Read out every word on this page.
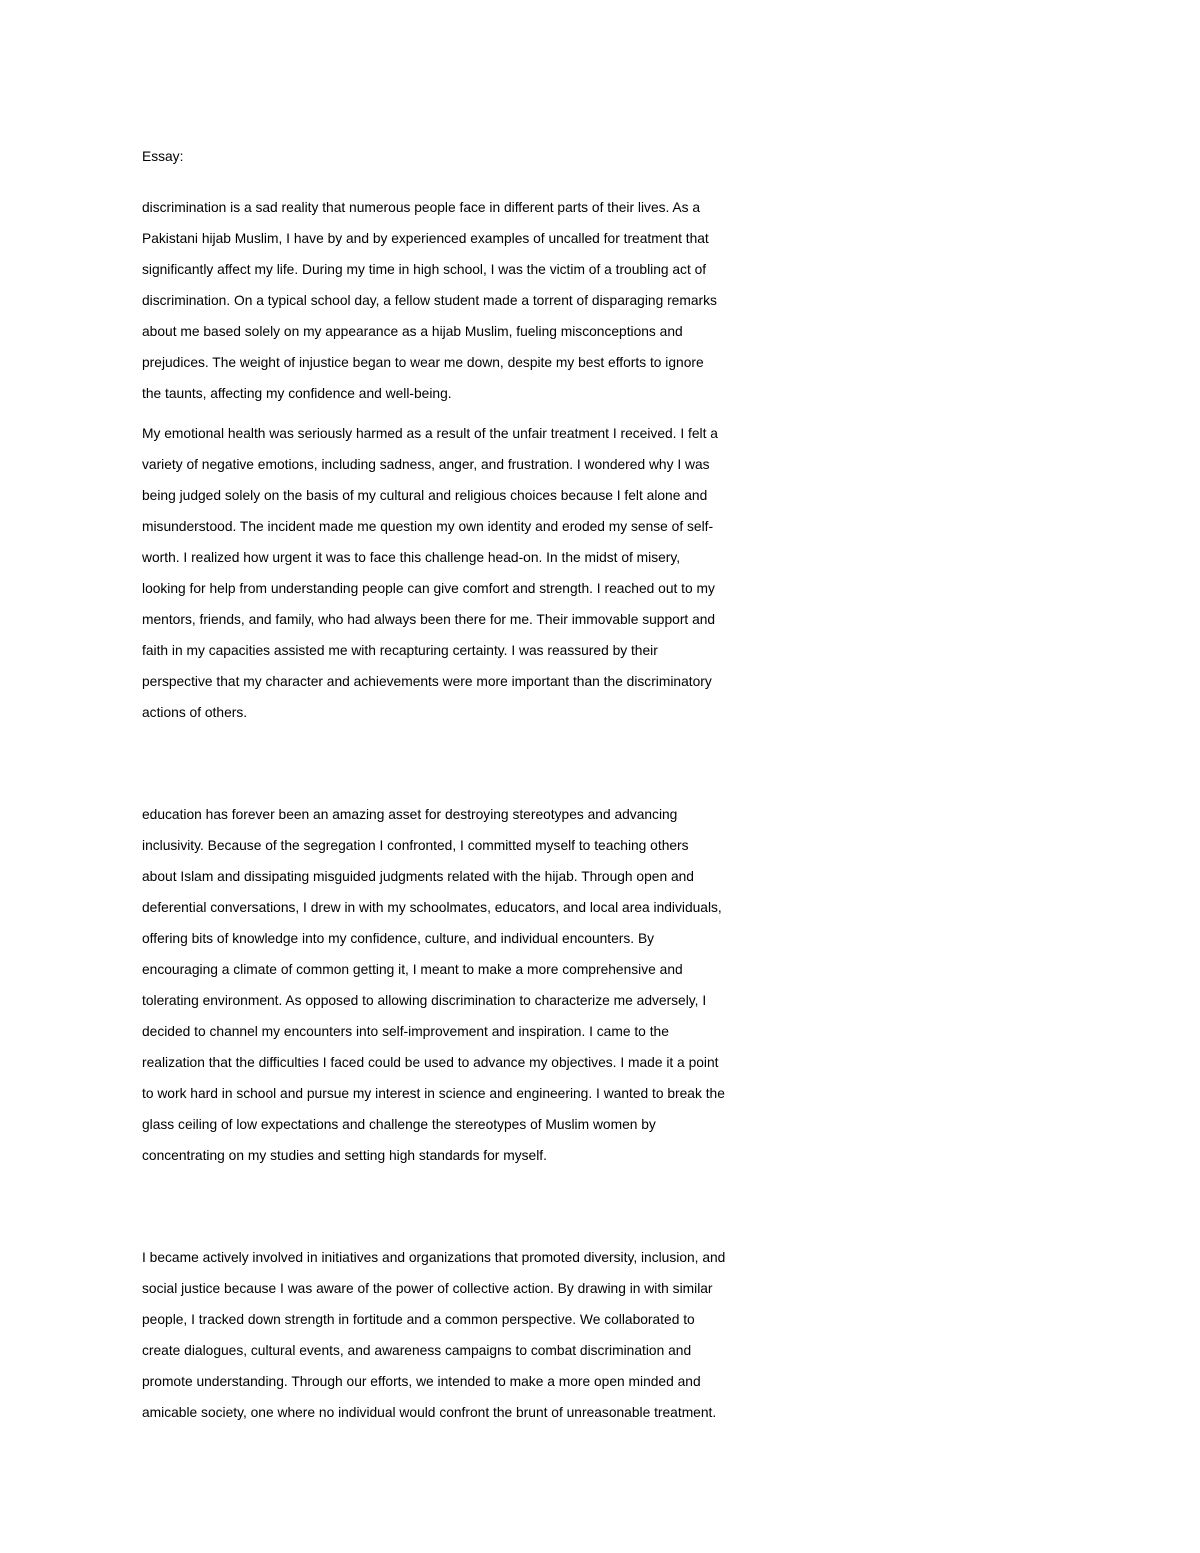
Essay:
discrimination is a sad reality that numerous people face in different parts of their lives. As a
Pakistani hijab Muslim, I have by and by experienced examples of uncalled for treatment that
significantly affect my life. During my time in high school, I was the victim of a troubling act of
discrimination. On a typical school day, a fellow student made a torrent of disparaging remarks
about me based solely on my appearance as a hijab Muslim, fueling misconceptions and
prejudices. The weight of injustice began to wear me down, despite my best efforts to ignore
the taunts, affecting my confidence and well-being.
My emotional health was seriously harmed as a result of the unfair treatment I received. I felt a
variety of negative emotions, including sadness, anger, and frustration. I wondered why I was
being judged solely on the basis of my cultural and religious choices because I felt alone and
misunderstood. The incident made me question my own identity and eroded my sense of self-
worth. I realized how urgent it was to face this challenge head-on. In the midst of misery,
looking for help from understanding people can give comfort and strength. I reached out to my
mentors, friends, and family, who had always been there for me. Their immovable support and
faith in my capacities assisted me with recapturing certainty. I was reassured by their
perspective that my character and achievements were more important than the discriminatory
actions of others.
education has forever been an amazing asset for destroying stereotypes and advancing
inclusivity. Because of the segregation I confronted, I committed myself to teaching others
about Islam and dissipating misguided judgments related with the hijab. Through open and
deferential conversations, I drew in with my schoolmates, educators, and local area individuals,
offering bits of knowledge into my confidence, culture, and individual encounters. By
encouraging a climate of common getting it, I meant to make a more comprehensive and
tolerating environment. As opposed to allowing discrimination to characterize me adversely, I
decided to channel my encounters into self-improvement and inspiration. I came to the
realization that the difficulties I faced could be used to advance my objectives. I made it a point
to work hard in school and pursue my interest in science and engineering. I wanted to break the
glass ceiling of low expectations and challenge the stereotypes of Muslim women by
concentrating on my studies and setting high standards for myself.
I became actively involved in initiatives and organizations that promoted diversity, inclusion, and
social justice because I was aware of the power of collective action. By drawing in with similar
people, I tracked down strength in fortitude and a common perspective. We collaborated to
create dialogues, cultural events, and awareness campaigns to combat discrimination and
promote understanding. Through our efforts, we intended to make a more open minded and
amicable society, one where no individual would confront the brunt of unreasonable treatment.
